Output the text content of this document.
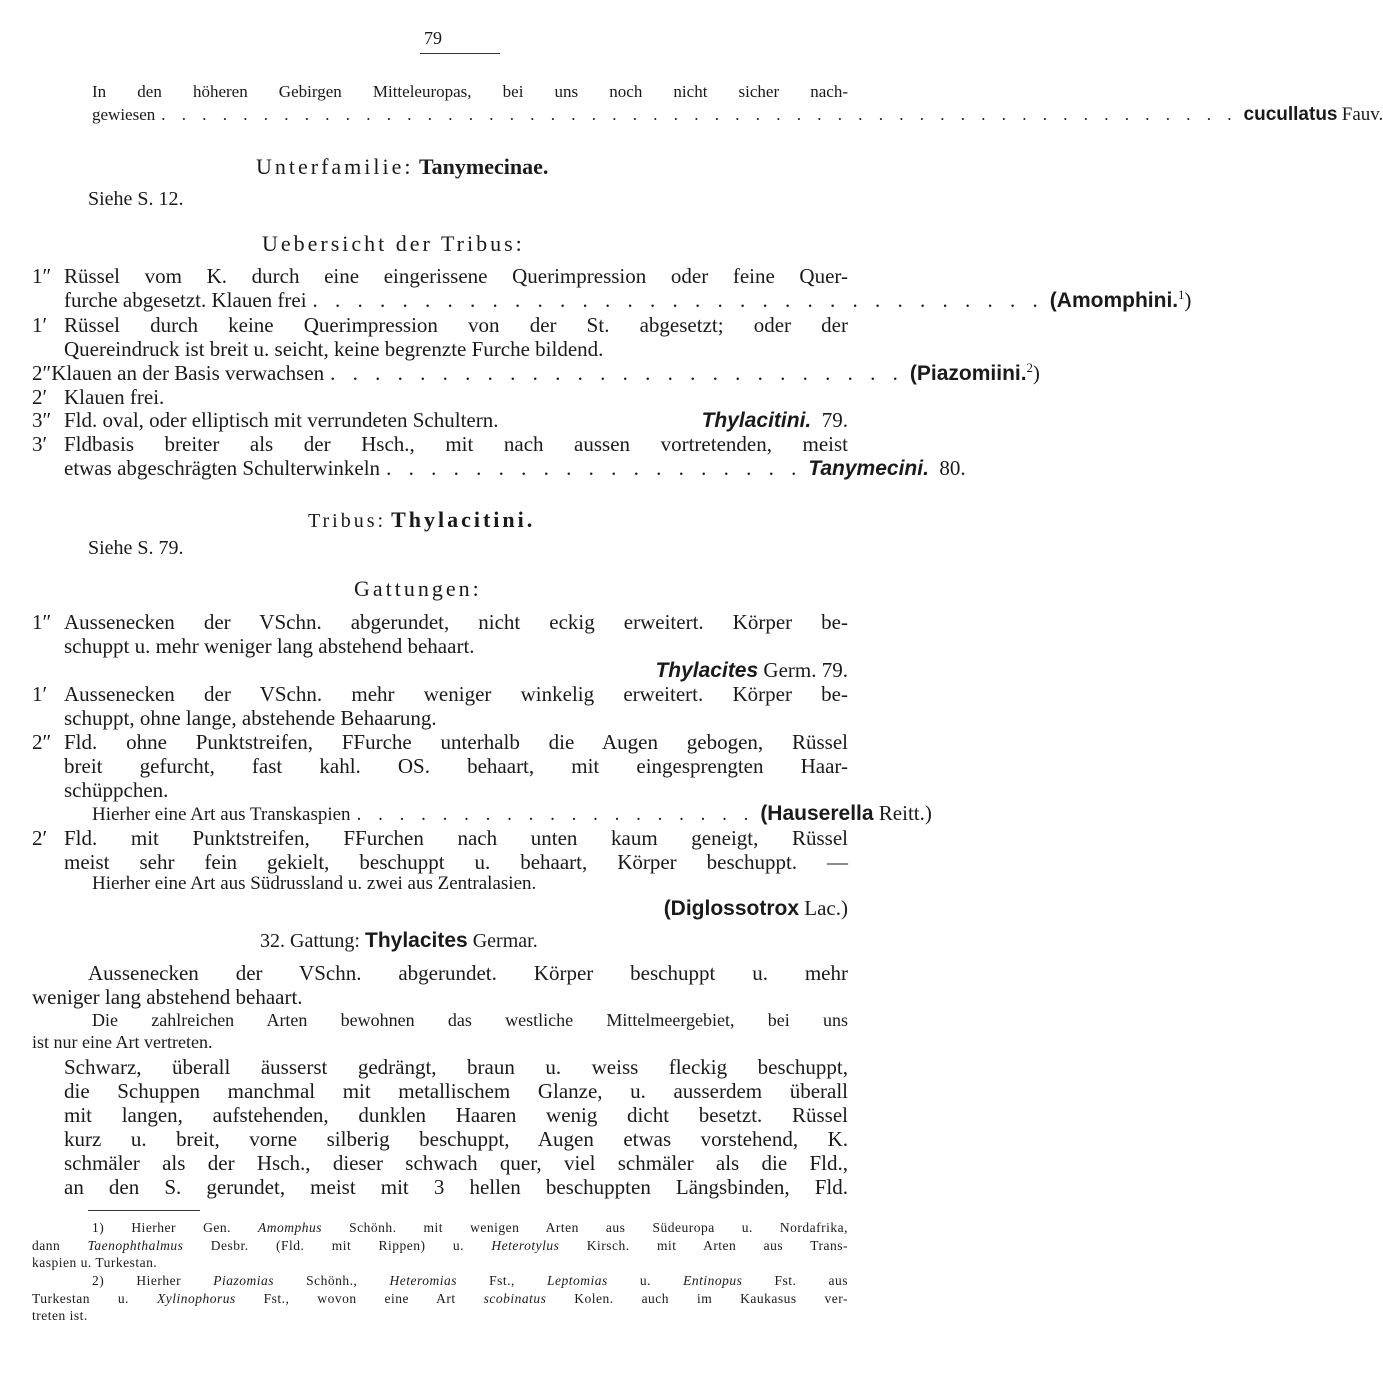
79
In den höheren Gebirgen Mitteleuropas, bei uns noch nicht sicher nach-
gewiesen . . . . . . . . . . . . . . . . . . . . . . . . . . . . . . . . . . . . . . . . . . . . . . . . . . . . . cucullatus
Fauv.
Unterfamilie: Tanymecinae.
Siehe S. 12.
Uebersicht der Tribus:
1″ Rüssel vom K. durch eine eingerissene Querimpression oder feine Quer-
furche abgesetzt. Klauen frei . . . . . . . . . . . . . . . . . . . . . . . . . . . . . . . . . (Amomphini.$^1$)
1′ Rüssel durch keine Querimpression von der St. abgesetzt; oder der
Quereindruck ist breit u. seicht, keine begrenzte Furche bildend.
2″ Klauen an der Basis verwachsen . . . . . . . . . . . . . . . . . . . . . . . . . . (Piazomiini.$^2$)
2′ Klauen frei.
3″ Fld. oval, oder elliptisch mit verrundeten Schultern.	Thylacitini. 79.
3′ Fldbasis breiter als der Hsch., mit nach aussen vortretenden, meist
etwas abgeschrägten Schulterwinkeln . . . . . . . . . . . . . . . . . . . Tanymecini. 80.
Tribus: Thylacitini.
Siehe S. 79.
Gattungen:
1″ Aussenecken der VSchn. abgerundet, nicht eckig erweitert. Körper be-
schuppt u. mehr weniger lang abstehend behaart.
Thylacites Germ. 79.
1′ Aussenecken der VSchn. mehr weniger winkelig erweitert. Körper be-
schuppt, ohne lange, abstehende Behaarung.
2″ Fld. ohne Punktstreifen, FFurche unterhalb die Augen gebogen, Rüssel
breit gefurcht, fast kahl. OS. behaart, mit eingesprengten Haar-
schüppchen.
Hierher eine Art aus Transkaspien . . . . . . . . . . . . . . . . . . . (Hauserella Reitt.)
2′ Fld. mit Punktstreifen, FFurchen nach unten kaum geneigt, Rüssel
meist sehr fein gekielt, beschuppt u. behaart, Körper beschuppt. —
Hierher eine Art aus Südrussland u. zwei aus Zentralasien.
(Diglossotrox Lac.)
32. Gattung: Thylacites Germar.
Aussenecken der VSchn. abgerundet. Körper beschuppt u. mehr
weniger lang abstehend behaart.
Die zahlreichen Arten bewohnen das westliche Mittelmeergebiet, bei uns
ist nur eine Art vertreten.
Schwarz, überall äusserst gedrängt, braun u. weiss fleckig beschuppt,
die Schuppen manchmal mit metallischem Glanze, u. ausserdem überall
mit langen, aufstehenden, dunklen Haaren wenig dicht besetzt. Rüssel
kurz u. breit, vorne silberig beschuppt, Augen etwas vorstehend, K.
schmäler als der Hsch., dieser schwach quer, viel schmäler als die Fld.,
an den S. gerundet, meist mit 3 hellen beschuppten Längsbinden, Fld.
1) Hierher Gen. Amomphus Schönh. mit wenigen Arten aus Südeuropa u. Nordafrika,
dann Taenophthalmus Desbr. (Fld. mit Rippen) u. Heterotylus Kirsch. mit Arten aus Trans-
kaspien u. Turkestan.
2) Hierher Piazomias Schönh., Heteromias Fst., Leptomias u. Entinopus Fst. aus
Turkestan u. Xylinophorus Fst., wovon eine Art scobinatus Kolen. auch im Kaukasus ver-
treten ist.
